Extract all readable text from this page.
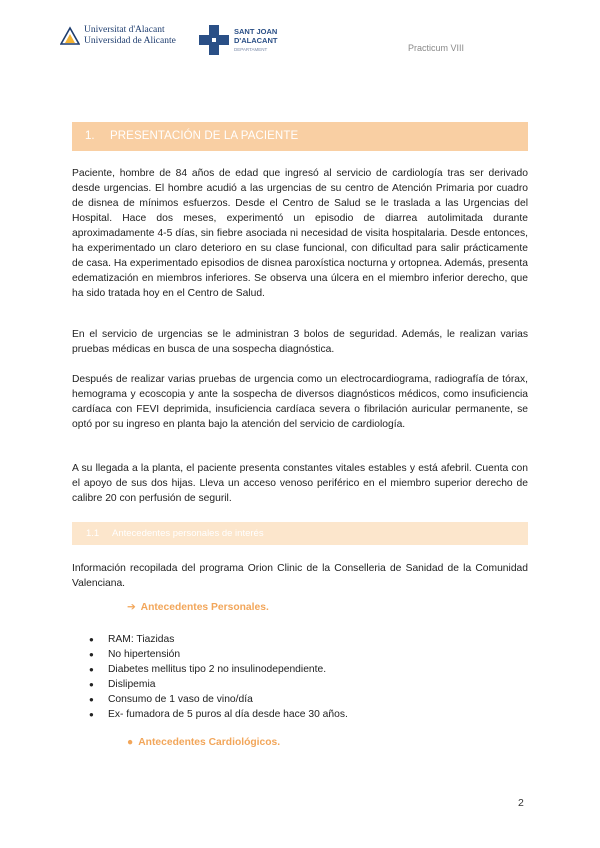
Universitat d'Alacant
Universidad de Alicante
SANT JOAN
D'ALACANT
DEPARTAMENT	Practicum VIII
1. PRESENTACIÓN DE LA PACIENTE

Paciente, hombre de 84 años de edad que ingresó al servicio de cardiología tras ser derivado desde urgencias. El hombre acudió a las urgencias de su centro de Atención Primaria por cuadro de disnea de mínimos esfuerzos. Desde el Centro de Salud se le traslada a las Urgencias del Hospital. Hace dos meses, experimentó un episodio de diarrea autolimitada durante aproximadamente 4-5 días, sin fiebre asociada ni necesidad de visita hospitalaria. Desde entonces, ha experimentado un claro deterioro en su clase funcional, con dificultad para salir prácticamente de casa. Ha experimentado episodios de disnea paroxística nocturna y ortopnea. Además, presenta edematización en miembros inferiores. Se observa una úlcera en el miembro inferior derecho, que ha sido tratada hoy en el Centro de Salud.

En el servicio de urgencias se le administran 3 bolos de seguridad. Además, le realizan varias pruebas médicas en busca de una sospecha diagnóstica.

Después de realizar varias pruebas de urgencia como un electrocardiograma, radiografía de tórax, hemograma y ecoscopia y ante la sospecha de diversos diagnósticos médicos, como insuficiencia cardíaca con FEVI deprimida, insuficiencia cardíaca severa o fibrilación auricular permanente, se optó por su ingreso en planta bajo la atención del servicio de cardiología.

A su llegada a la planta, el paciente presenta constantes vitales estables y está afebril. Cuenta con el apoyo de sus dos hijas. Lleva un acceso venoso periférico en el miembro superior derecho de calibre 20 con perfusión de seguril.

1.1 Antecedentes personales de interés

Información recopilada del programa Orion Clinic de la Conselleria de Sanidad de la Comunidad Valenciana.

➔ Antecedentes Personales.
● RAM: Tiazidas
● No hipertensión
● Diabetes mellitus tipo 2 no insulinodependiente.
● Dislipemia
● Consumo de 1 vaso de vino/día
● Ex- fumadora de 5 puros al día desde hace 30 años.
● Antecedentes Cardiológicos.
2
